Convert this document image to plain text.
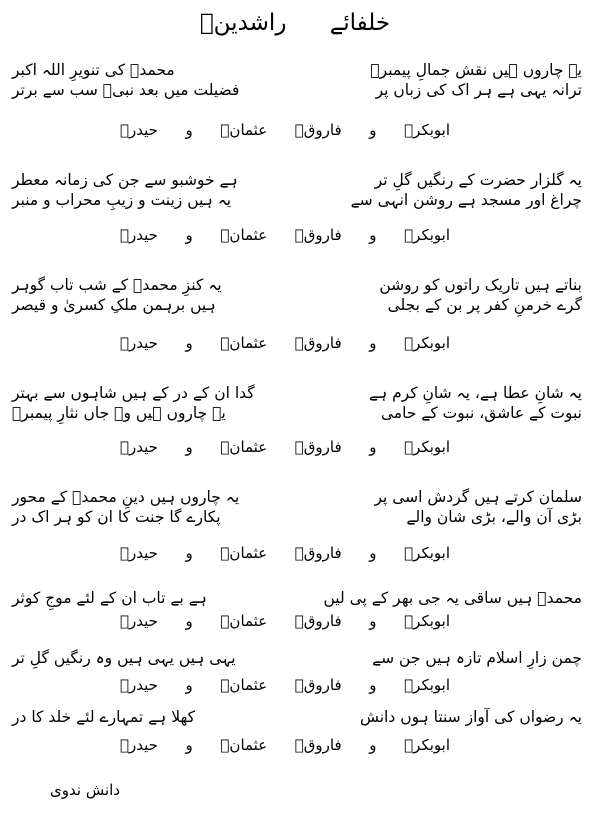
خلفائے راشدینؓ
یہ چاروں ہیں نقش جمالِ پیمبرؐ
محمدؐ کی تنویرِ اللہ اکبر
ترانہ یہی ہے ہر اک کی زباں پر
فضیلت میں بعد نبیؐ سب سے برتر
ابوبکرؓ
و
فاروقؓ
عثمانؓ
و
حیدرؓ
یہ گلزار حضرت کے رنگیں گلِ تر
ہے خوشبو سے جن کی زمانہ معطر
چراغ اور مسجد ہے روشن انہی سے
یہ ہیں زینت و زیبِ محراب و منبر
ابوبکرؓ
و
فاروقؓ
عثمانؓ
و
حیدرؓ
بناتے ہیں تاریک راتوں کو روشن
یہ کنزِ محمدؐ کے شب تاب گوہر
گرے خرمنِ کفر پر بن کے بجلی
ہیں برہمن ملکِ کسریٰ و قیصر
ابوبکرؓ
و
فاروقؓ
عثمانؓ
و
حیدرؓ
یہ شانِ عطا ہے، یہ شانِ کرم ہے
گدا ان کے در کے ہیں شاہوں سے بہتر
نبوت کے عاشق، نبوت کے حامی
یہ چاروں ہیں وہ جاں نثارِ پیمبرؐ
ابوبکرؓ
و
فاروقؓ
عثمانؓ
و
حیدرؓ
سلمان کرتے ہیں گردش اسی پر
یہ چاروں ہیں دینِ محمدؐ کے محور
بڑی آن والے، بڑی شان والے
پکارے گا جنت کا ان کو ہر اک در
ابوبکرؓ
و
فاروقؓ
عثمانؓ
و
حیدرؓ
محمدؐ ہیں ساقی یہ جی بھر کے پی لیں
ہے بے تاب ان کے لئے موجِ کوثر
ابوبکرؓ
و
فاروقؓ
عثمانؓ
و
حیدرؓ
چمن زارِ اسلام تازہ ہیں جن سے
یہی ہیں یہی ہیں وہ رنگیں گلِ تر
ابوبکرؓ
و
فاروقؓ
عثمانؓ
و
حیدرؓ
یہ رضواں کی آواز سنتا ہوں دانش
کھلا ہے تمہارے لئے خلد کا در
ابوبکرؓ
و
فاروقؓ
عثمانؓ
و
حیدرؓ
دانش ندوی
